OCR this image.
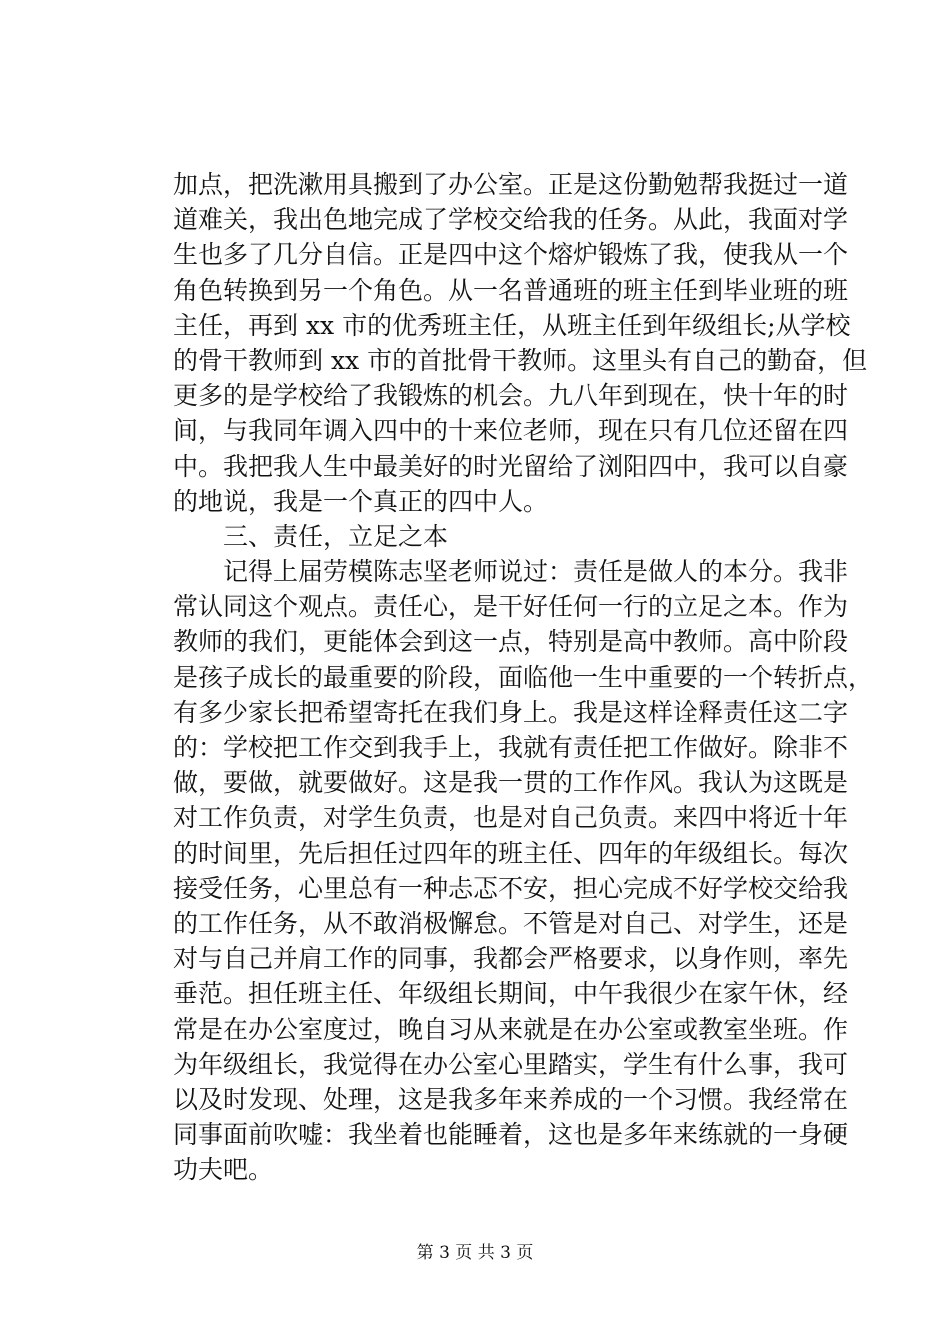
加点，把洗漱用具搬到了办公室。正是这份勤勉帮我挺过一道
道难关，我出色地完成了学校交给我的任务。从此，我面对学
生也多了几分自信。正是四中这个熔炉锻炼了我，使我从一个
角色转换到另一个角色。从一名普通班的班主任到毕业班的班
主任，再到 xx 市的优秀班主任，从班主任到年级组长;从学校
的骨干教师到 xx 市的首批骨干教师。这里头有自己的勤奋，但
更多的是学校给了我锻炼的机会。九八年到现在，快十年的时
间，与我同年调入四中的十来位老师，现在只有几位还留在四
中。我把我人生中最美好的时光留给了浏阳四中，我可以自豪
的地说，我是一个真正的四中人。
三、责任，立足之本
记得上届劳模陈志坚老师说过：责任是做人的本分。我非
常认同这个观点。责任心，是干好任何一行的立足之本。作为
教师的我们，更能体会到这一点，特别是高中教师。高中阶段
是孩子成长的最重要的阶段，面临他一生中重要的一个转折点，
有多少家长把希望寄托在我们身上。我是这样诠释责任这二字
的：学校把工作交到我手上，我就有责任把工作做好。除非不
做，要做，就要做好。这是我一贯的工作作风。我认为这既是
对工作负责，对学生负责，也是对自己负责。来四中将近十年
的时间里，先后担任过四年的班主任、四年的年级组长。每次
接受任务，心里总有一种忐忑不安，担心完成不好学校交给我
的工作任务，从不敢消极懈怠。不管是对自己、对学生，还是
对与自己并肩工作的同事，我都会严格要求，以身作则，率先
垂范。担任班主任、年级组长期间，中午我很少在家午休，经
常是在办公室度过，晚自习从来就是在办公室或教室坐班。作
为年级组长，我觉得在办公室心里踏实，学生有什么事，我可
以及时发现、处理，这是我多年来养成的一个习惯。我经常在
同事面前吹嘘：我坐着也能睡着，这也是多年来练就的一身硬
功夫吧。
第 3 页 共 3 页
